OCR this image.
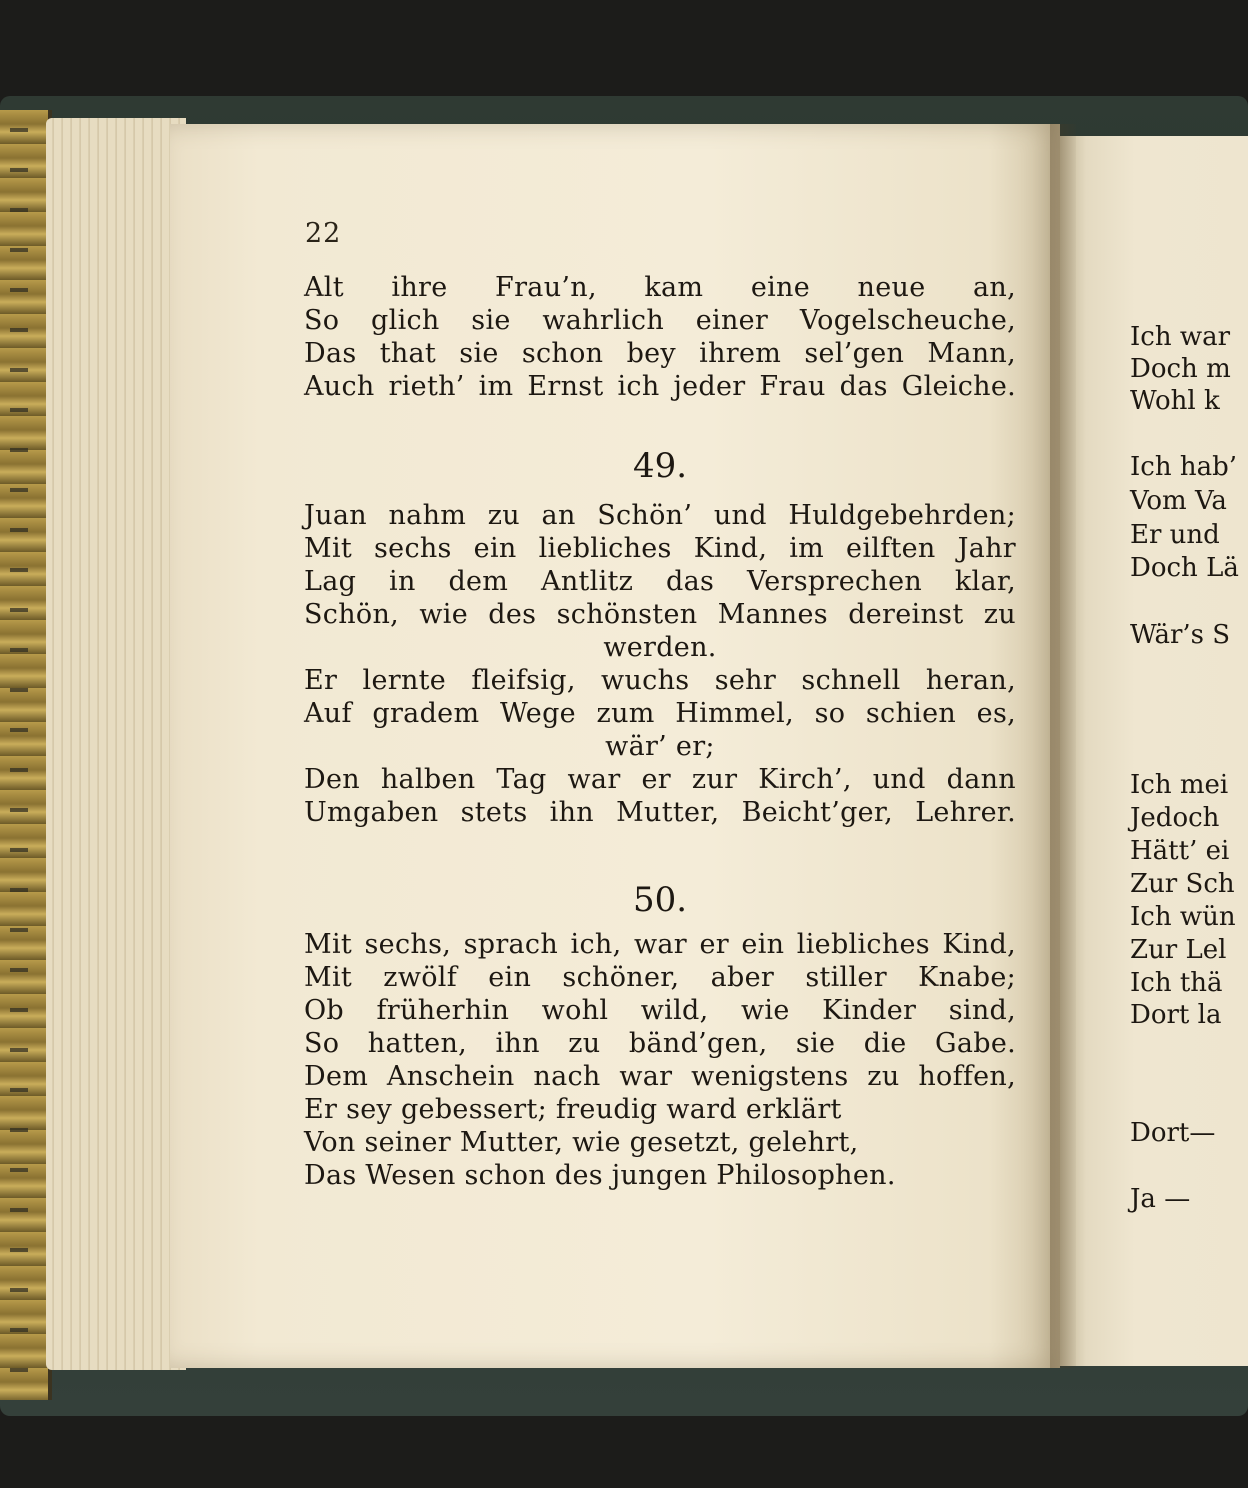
22
Alt ihre Frau’n, kam eine neue an,
So glich sie wahrlich einer Vogelscheuche,
Das that sie schon bey ihrem sel’gen Mann,
Auch rieth’ im Ernst ich jeder Frau das Gleiche.
49.
Juan nahm zu an Schön’ und Huldgebehrden;
Mit sechs ein liebliches Kind, im eilften Jahr
Lag in dem Antlitz das Versprechen klar,
Schön, wie des schönsten Mannes dereinst zu
werden.
Er lernte fleifsig, wuchs sehr schnell heran,
Auf gradem Wege zum Himmel, so schien es,
wär’ er;
Den halben Tag war er zur Kirch’, und dann
Umgaben stets ihn Mutter, Beicht’ger, Lehrer.
50.
Mit sechs, sprach ich, war er ein liebliches Kind,
Mit zwölf ein schöner, aber stiller Knabe;
Ob früherhin wohl wild, wie Kinder sind,
So hatten, ihn zu bänd’gen, sie die Gabe.
Dem Anschein nach war wenigstens zu hoffen,
Er sey gebessert; freudig ward erklärt
Von seiner Mutter, wie gesetzt, gelehrt,
Das Wesen schon des jungen Philosophen.
Ich war
Doch m
Wohl k
Ich hab’
Vom Va
Er und
Doch Lä
Wär’s S
Ich mei
Jedoch
Hätt’ ei
Zur Sch
Ich wün
Zur Lel
Ich thä
Dort la
Dort—
Ja —
